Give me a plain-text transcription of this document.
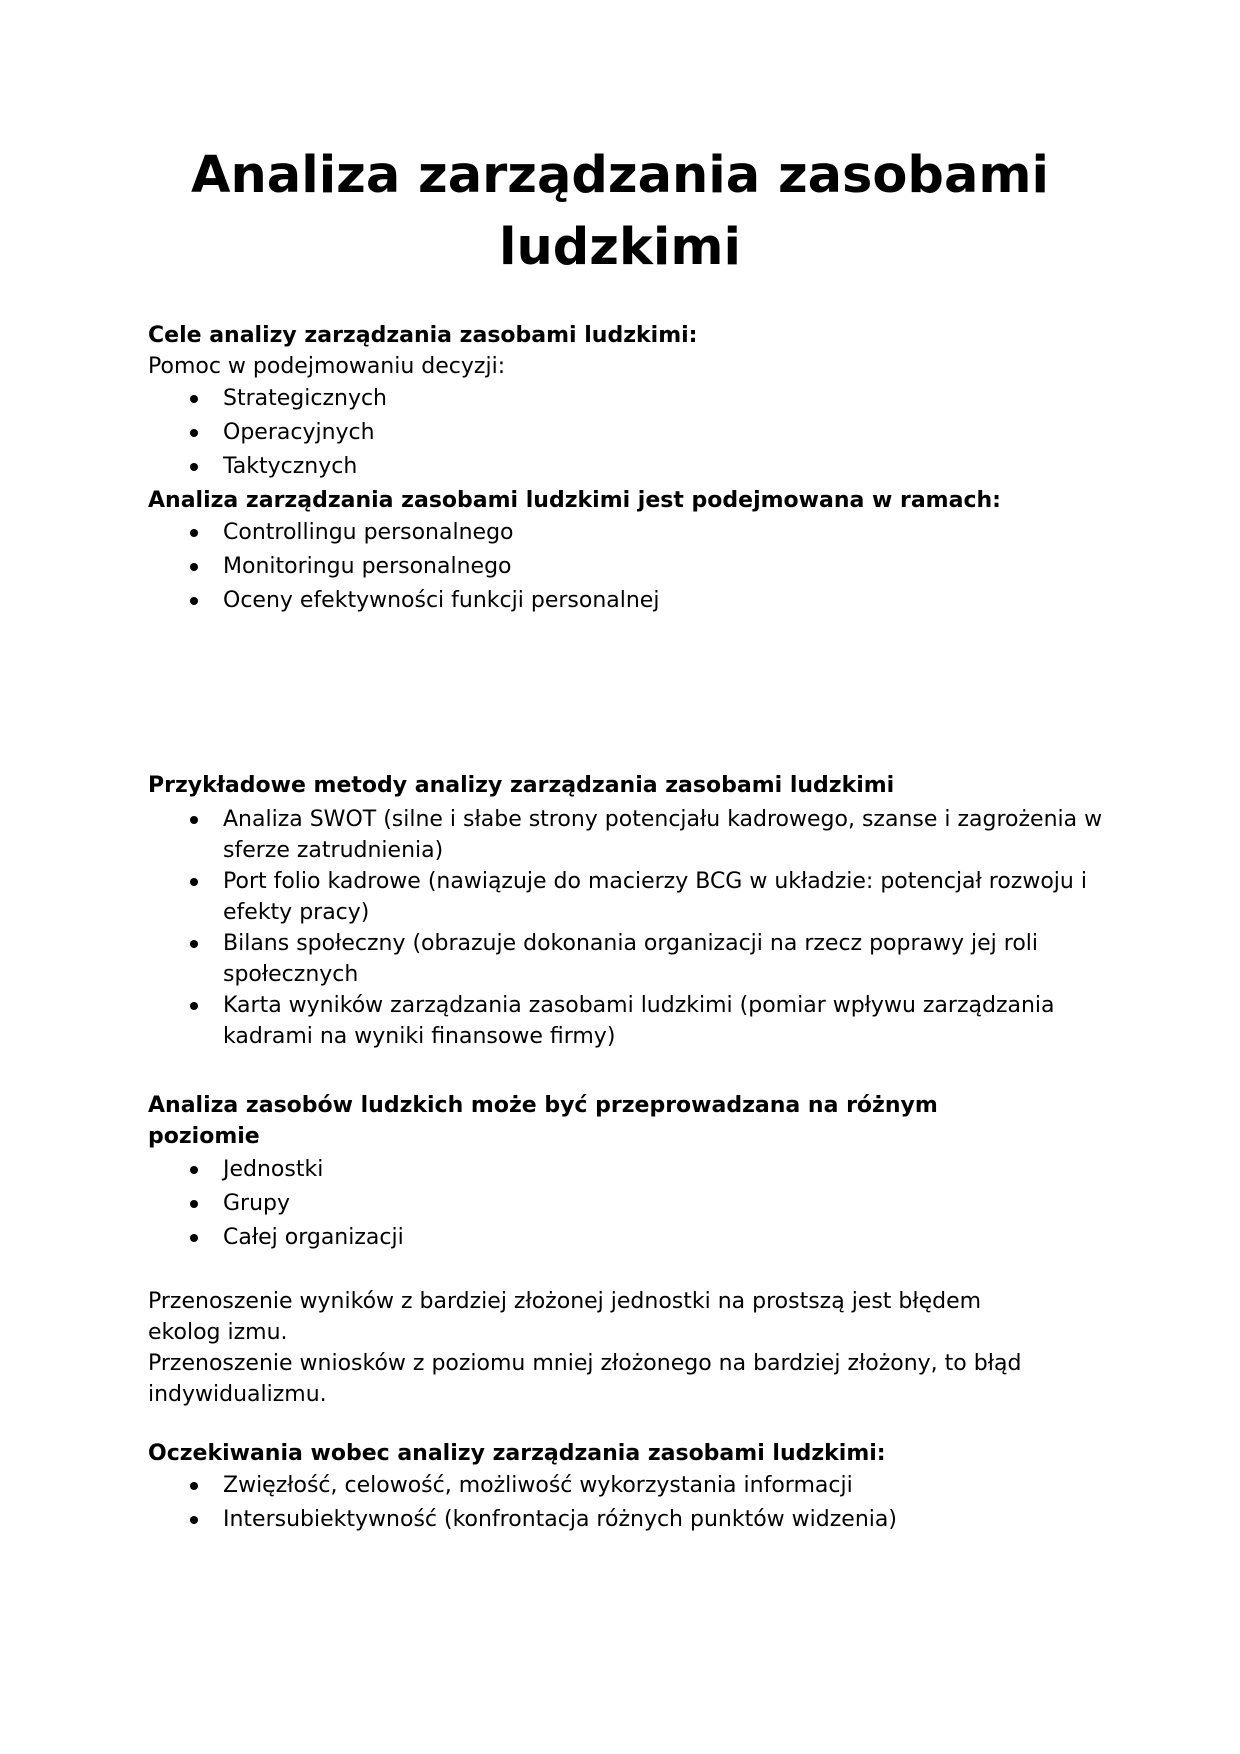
Analiza zarządzania zasobami ludzkimi

Cele analizy zarządzania zasobami ludzkimi:

Pomoc w podejmowaniu decyzji:

Strategicznych
Operacyjnych
Taktycznych

Analiza zarządzania zasobami ludzkimi jest podejmowana w ramach:

Controllingu personalnego
Monitoringu personalnego
Oceny efektywności funkcji personalnej

Przykładowe metody analizy zarządzania zasobami ludzkimi

Analiza SWOT (silne i słabe strony potencjału kadrowego, szanse i zagrożenia w sferze zatrudnienia)
Port folio kadrowe (nawiązuje do macierzy BCG w układzie: potencjał rozwoju i efekty pracy)
Bilans społeczny (obrazuje dokonania organizacji na rzecz poprawy jej roli społecznych
Karta wyników zarządzania zasobami ludzkimi (pomiar wpływu zarządzania kadrami na wyniki finansowe firmy)

Analiza zasobów ludzkich może być przeprowadzana na różnym poziomie

Jednostki
Grupy
Całej organizacji

Przenoszenie wyników z bardziej złożonej jednostki na prostszą jest błędem ekolog izmu.

Przenoszenie wniosków z poziomu mniej złożonego na bardziej złożony, to błąd indywidualizmu.

Oczekiwania wobec analizy zarządzania zasobami ludzkimi:

Zwięzłość, celowość, możliwość wykorzystania informacji
Intersubiektywność (konfrontacja różnych punktów widzenia)
